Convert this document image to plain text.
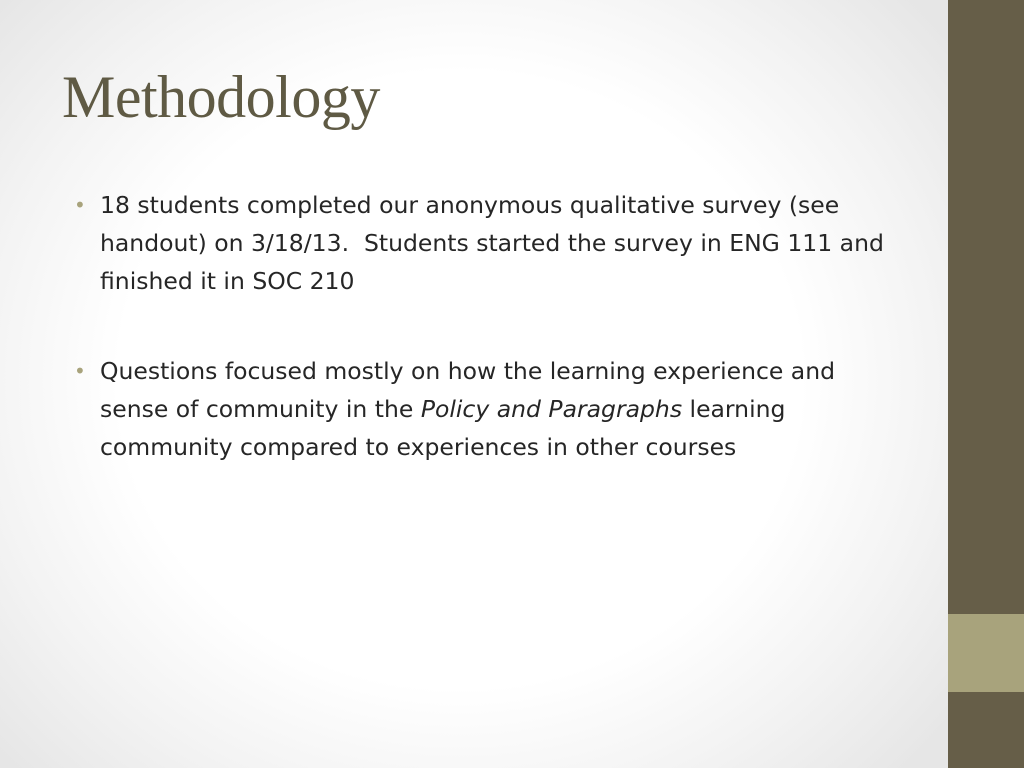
Methodology
• 18 students completed our anonymous qualitative survey (see handout) on 3/18/13.  Students started the survey in ENG 111 and finished it in SOC 210
• Questions focused mostly on how the learning experience and sense of community in the Policy and Paragraphs learning community compared to experiences in other courses
